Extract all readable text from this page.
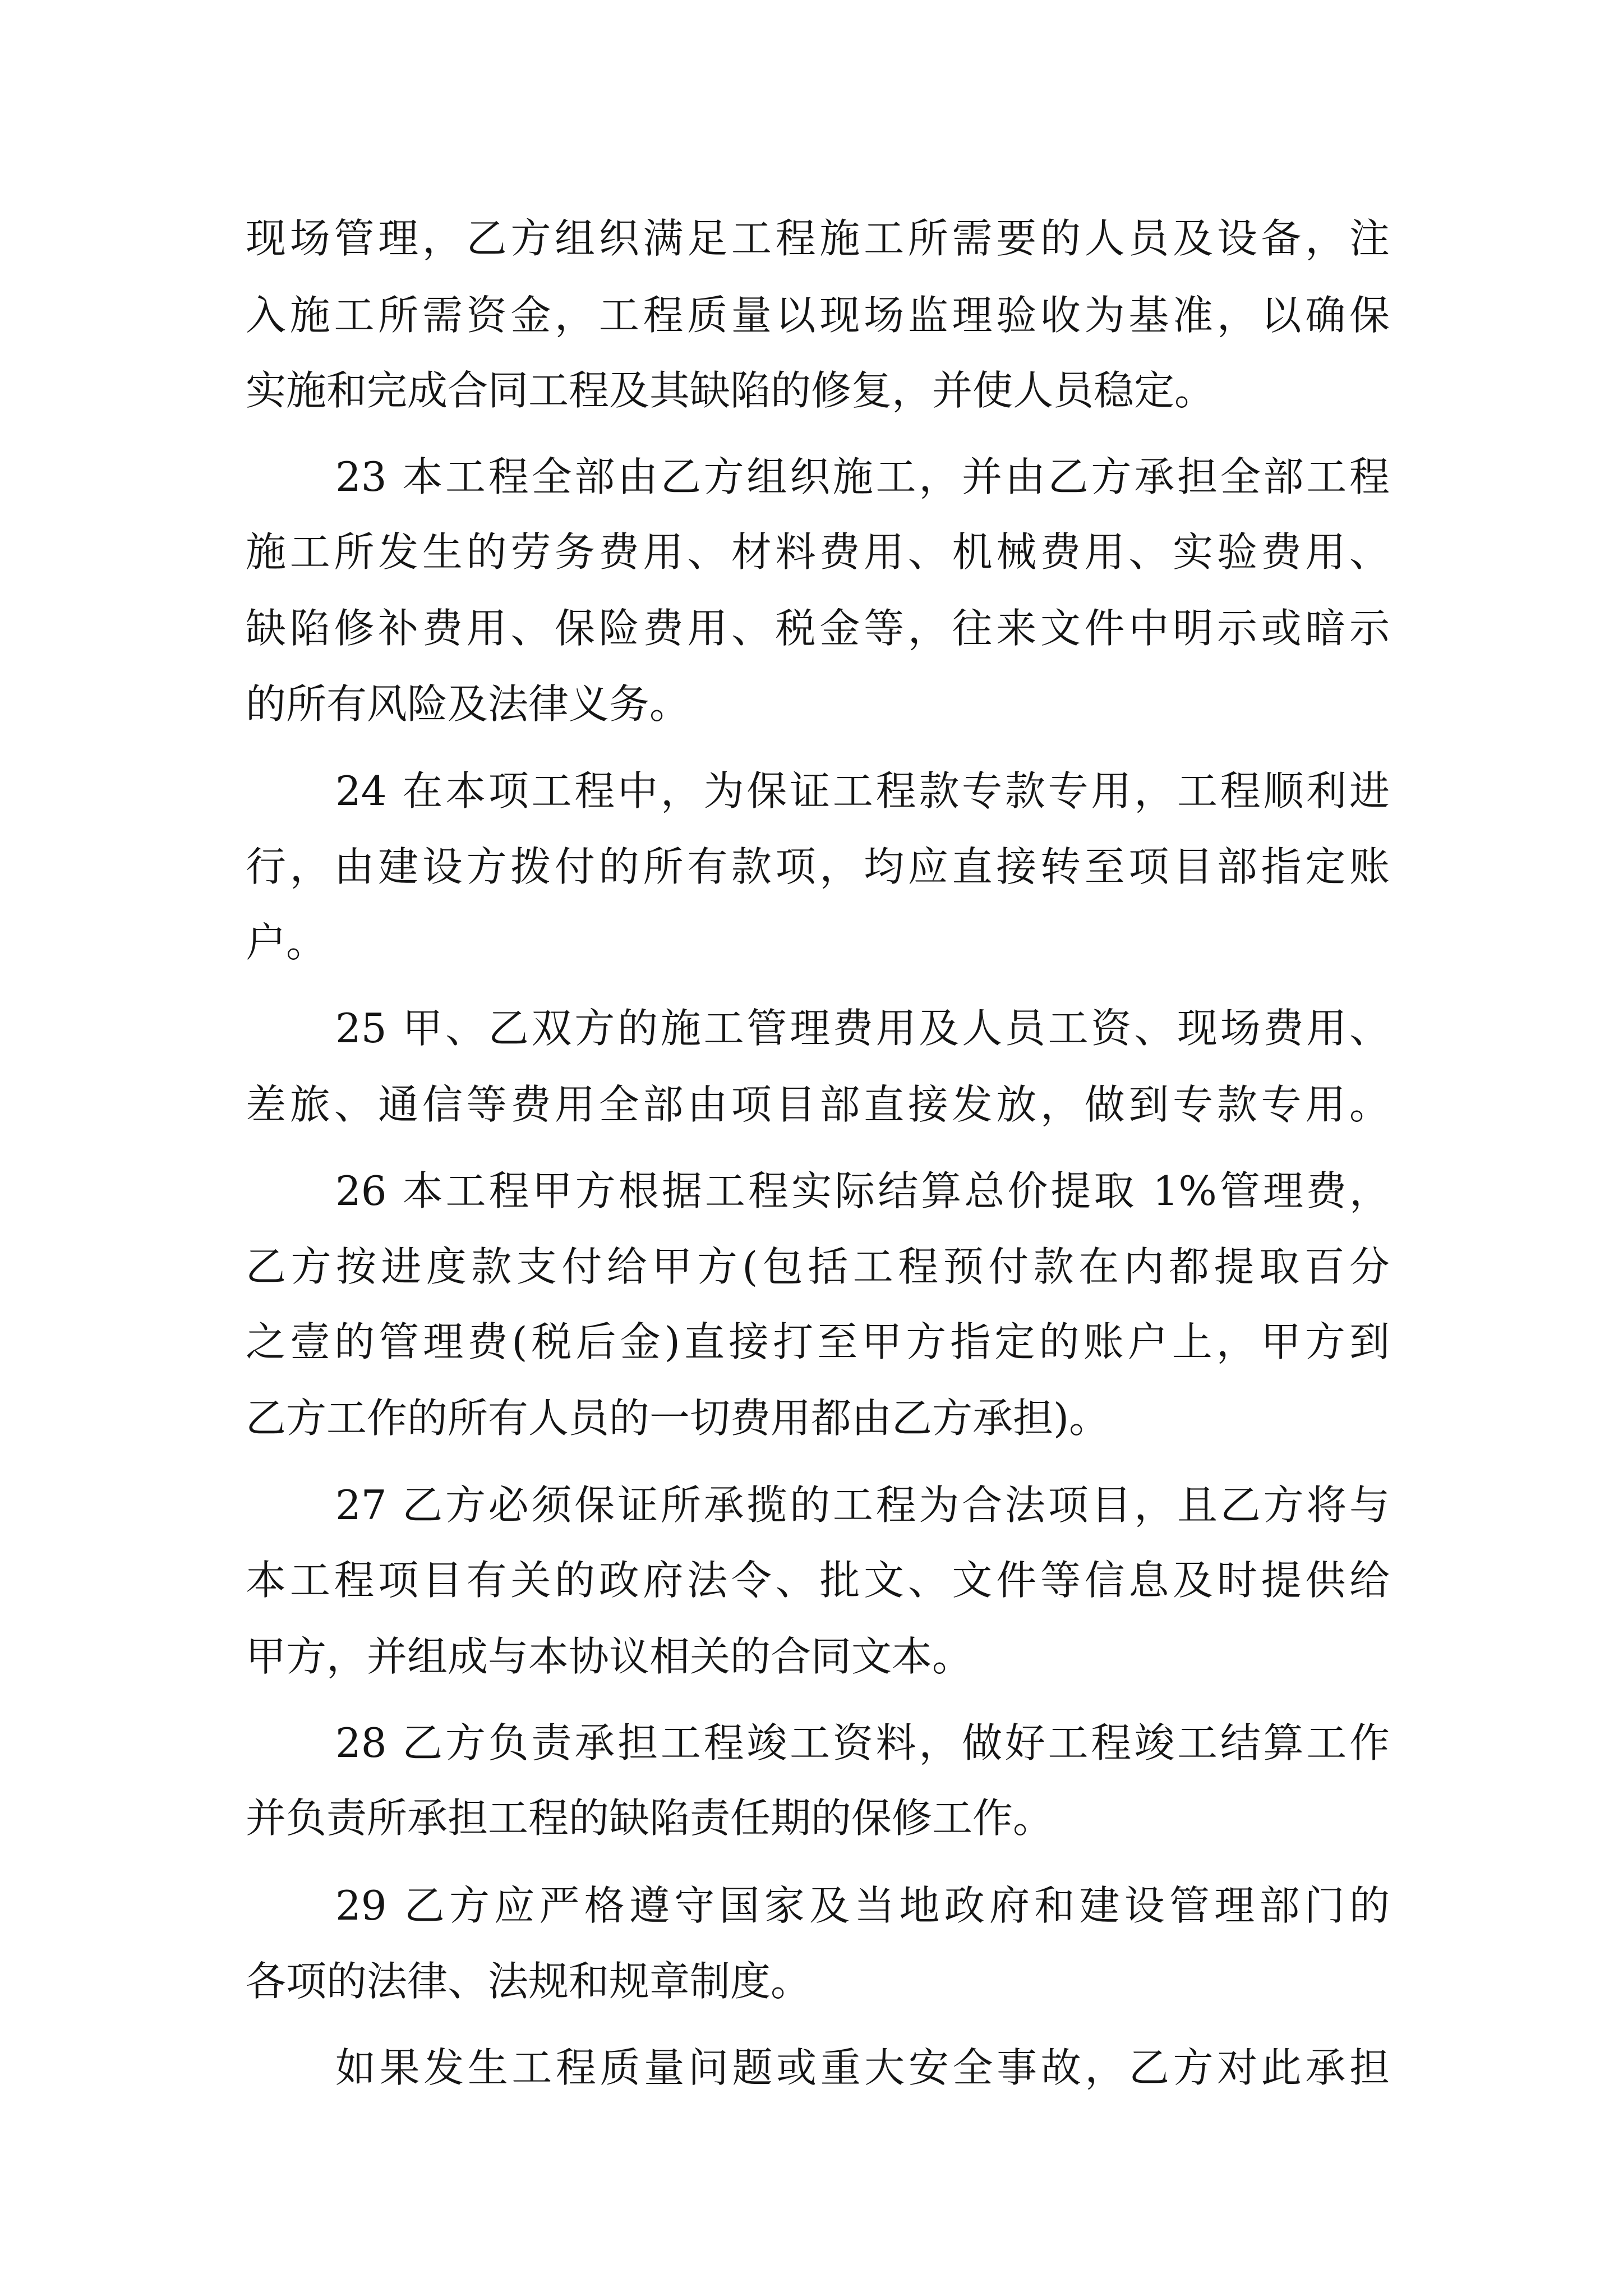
现场管理，乙方组织满足工程施工所需要的人员及设备，注
入施工所需资金，工程质量以现场监理验收为基准，以确保
实施和完成合同工程及其缺陷的修复，并使人员稳定。
23 本工程全部由乙方组织施工，并由乙方承担全部工程
施工所发生的劳务费用、材料费用、机械费用、实验费用、
缺陷修补费用、保险费用、税金等，往来文件中明示或暗示
的所有风险及法律义务。
24 在本项工程中，为保证工程款专款专用，工程顺利进
行，由建设方拨付的所有款项，均应直接转至项目部指定账
户。
25 甲、乙双方的施工管理费用及人员工资、现场费用、
差旅、通信等费用全部由项目部直接发放，做到专款专用。
26 本工程甲方根据工程实际结算总价提取 1%管理费，
乙方按进度款支付给甲方(包括工程预付款在内都提取百分
之壹的管理费(税后金)直接打至甲方指定的账户上，甲方到
乙方工作的所有人员的一切费用都由乙方承担)。
27 乙方必须保证所承揽的工程为合法项目，且乙方将与
本工程项目有关的政府法令、批文、文件等信息及时提供给
甲方，并组成与本协议相关的合同文本。
28 乙方负责承担工程竣工资料，做好工程竣工结算工作
并负责所承担工程的缺陷责任期的保修工作。
29 乙方应严格遵守国家及当地政府和建设管理部门的
各项的法律、法规和规章制度。
如果发生工程质量问题或重大安全事故，乙方对此承担
